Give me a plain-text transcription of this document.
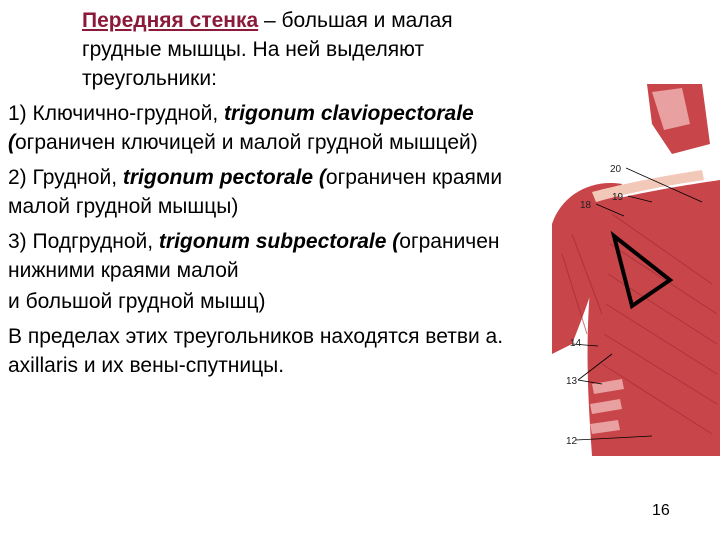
Передняя стенка – большая и малая грудные мышцы. На ней выделяют треугольники:

1) Ключично-грудной, trigonum claviopectorale (ограничен ключицей и малой грудной мышцей)

2) Грудной, trigonum pectorale (ограничен краями малой грудной мышцы)

3) Подгрудной, trigonum subpectorale (ограничен нижними краями малой

и большой грудной мышц)

В пределах этих треугольников находятся ветви a. axillaris и их вены-спутницы.

20
19
18
14
13
12
16
